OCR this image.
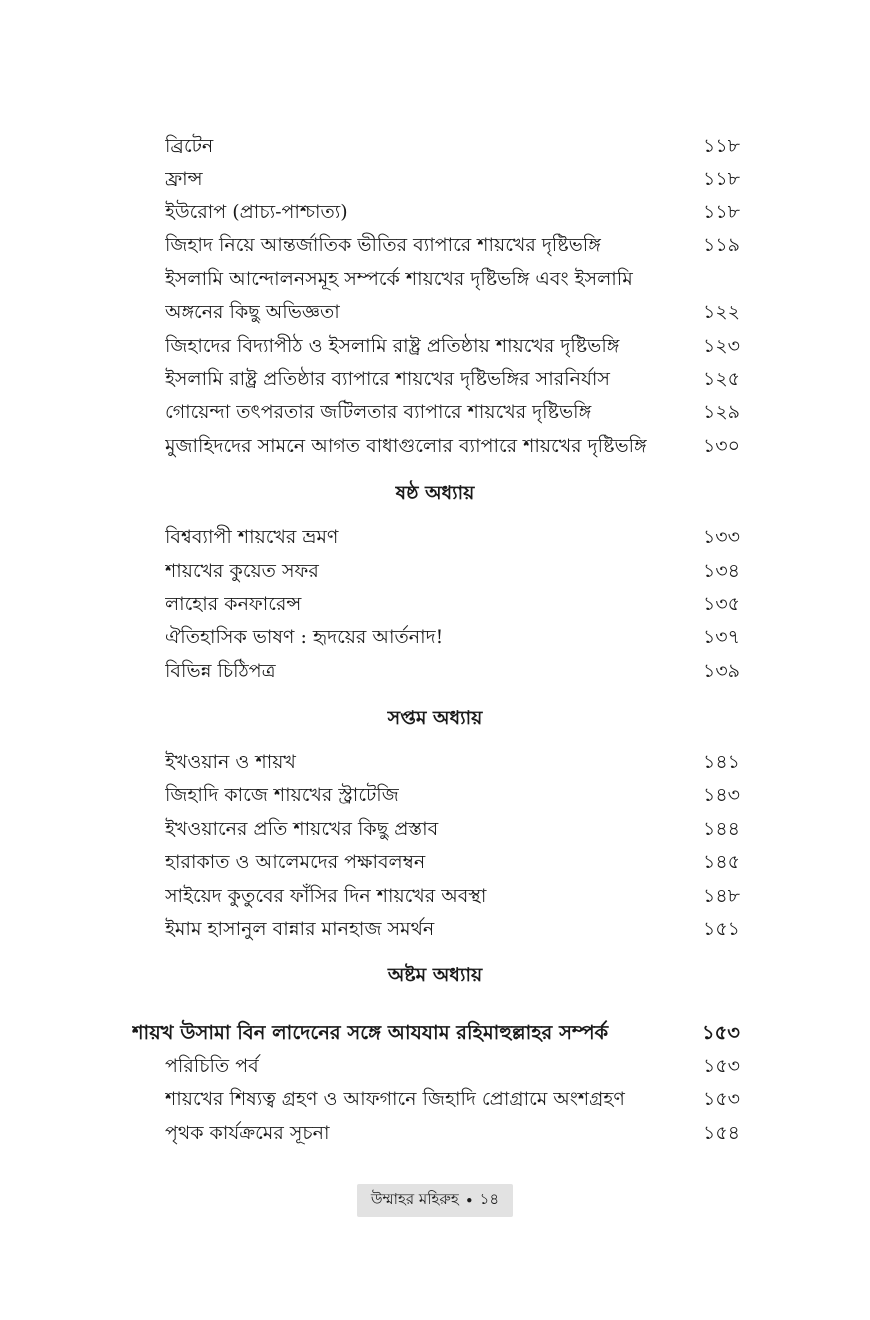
ব্রিটেন	১১৮
ফ্রান্স	১১৮
ইউরোপ (প্রাচ্য-পাশ্চাত্য)	১১৮
জিহাদ নিয়ে আন্তর্জাতিক ভীতির ব্যাপারে শায়খের দৃষ্টিভঙ্গি	১১৯
ইসলামি আন্দোলনসমূহ সম্পর্কে শায়খের দৃষ্টিভঙ্গি এবং ইসলামি
অঙ্গনের কিছু অভিজ্ঞতা	১২২
জিহাদের বিদ্যাপীঠ ও ইসলামি রাষ্ট্র প্রতিষ্ঠায় শায়খের দৃষ্টিভঙ্গি	১২৩
ইসলামি রাষ্ট্র প্রতিষ্ঠার ব্যাপারে শায়খের দৃষ্টিভঙ্গির সারনির্যাস	১২৫
গোয়েন্দা তৎপরতার জটিলতার ব্যাপারে শায়খের দৃষ্টিভঙ্গি	১২৯
মুজাহিদদের সামনে আগত বাধাগুলোর ব্যাপারে শায়খের দৃষ্টিভঙ্গি	১৩০
ষষ্ঠ অধ্যায়
বিশ্বব্যাপী শায়খের ভ্রমণ	১৩৩
শায়খের কুয়েত সফর	১৩৪
লাহোর কনফারেন্স	১৩৫
ঐতিহাসিক ভাষণ : হৃদয়ের আর্তনাদ!	১৩৭
বিভিন্ন চিঠিপত্র	১৩৯
সপ্তম অধ্যায়
ইখওয়ান ও শায়খ	১৪১
জিহাদি কাজে শায়খের স্ট্রাটেজি	১৪৩
ইখওয়ানের প্রতি শায়খের কিছু প্রস্তাব	১৪৪
হারাকাত ও আলেমদের পক্ষাবলম্বন	১৪৫
সাইয়েদ কুতুবের ফাঁসির দিন শায়খের অবস্থা	১৪৮
ইমাম হাসানুল বান্নার মানহাজ সমর্থন	১৫১
অষ্টম অধ্যায়
শায়খ উসামা বিন লাদেনের সঙ্গে আযযাম রহিমাহুল্লাহর সম্পর্ক	১৫৩
পরিচিতি পর্ব	১৫৩
শায়খের শিষ্যত্ব গ্রহণ ও আফগানে জিহাদি প্রোগ্রামে অংশগ্রহণ	১৫৩
পৃথক কার্যক্রমের সূচনা	১৫৪
উম্মাহর মহিরুহ • ১৪
